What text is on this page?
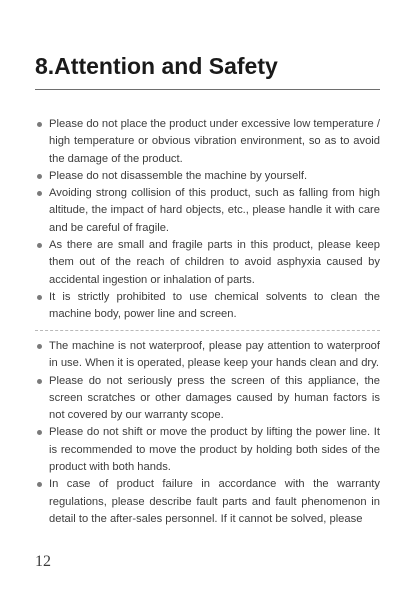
8.Attention and Safety
Please do not place the product under excessive low temperature / high temperature or obvious vibration environment, so as to avoid the damage of the product.
Please do not disassemble the machine by yourself.
Avoiding strong collision of this product, such as falling from high altitude, the impact of hard objects, etc., please handle it with care and be careful of fragile.
As there are small and fragile parts in this product, please keep them out of the reach of children to avoid asphyxia caused by accidental ingestion or inhalation of parts.
It is strictly prohibited to use chemical solvents to clean the machine body, power line and screen.
The machine is not waterproof, please pay attention to waterproof in use. When it is operated, please keep your hands clean and dry.
Please do not seriously press the screen of this appliance, the screen scratches or other damages caused by human factors is not covered by our warranty scope.
Please do not shift or move the product by lifting the power line. It is recommended to move the product by holding both sides of the product with both hands.
In case of product failure in accordance with the warranty regulations, please describe fault parts and fault phenomenon in detail to the after-sales personnel. If it cannot be solved, please
12
